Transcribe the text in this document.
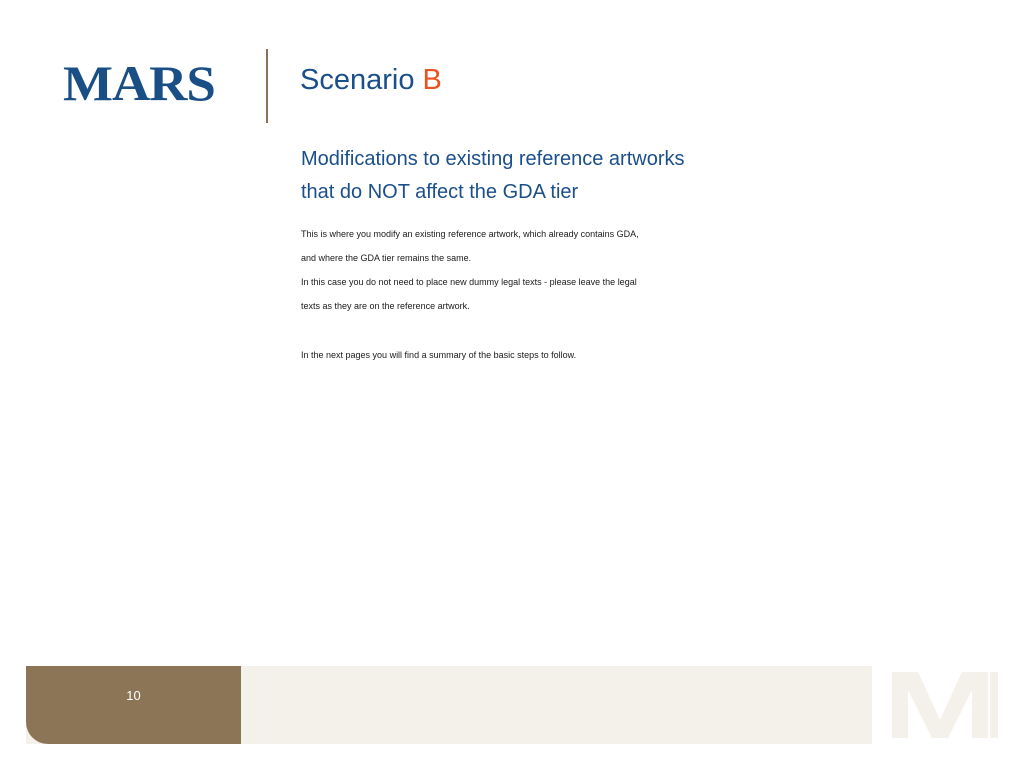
MARS	Scenario B
Modifications to existing reference artworks
that do NOT affect the GDA tier
This is where you modify an existing reference artwork, which already contains GDA,
and where the GDA tier remains the same.
In this case you do not need to place new dummy legal texts - please leave the legal
texts as they are on the reference artwork.
In the next pages you will find a summary of the basic steps to follow.
10
